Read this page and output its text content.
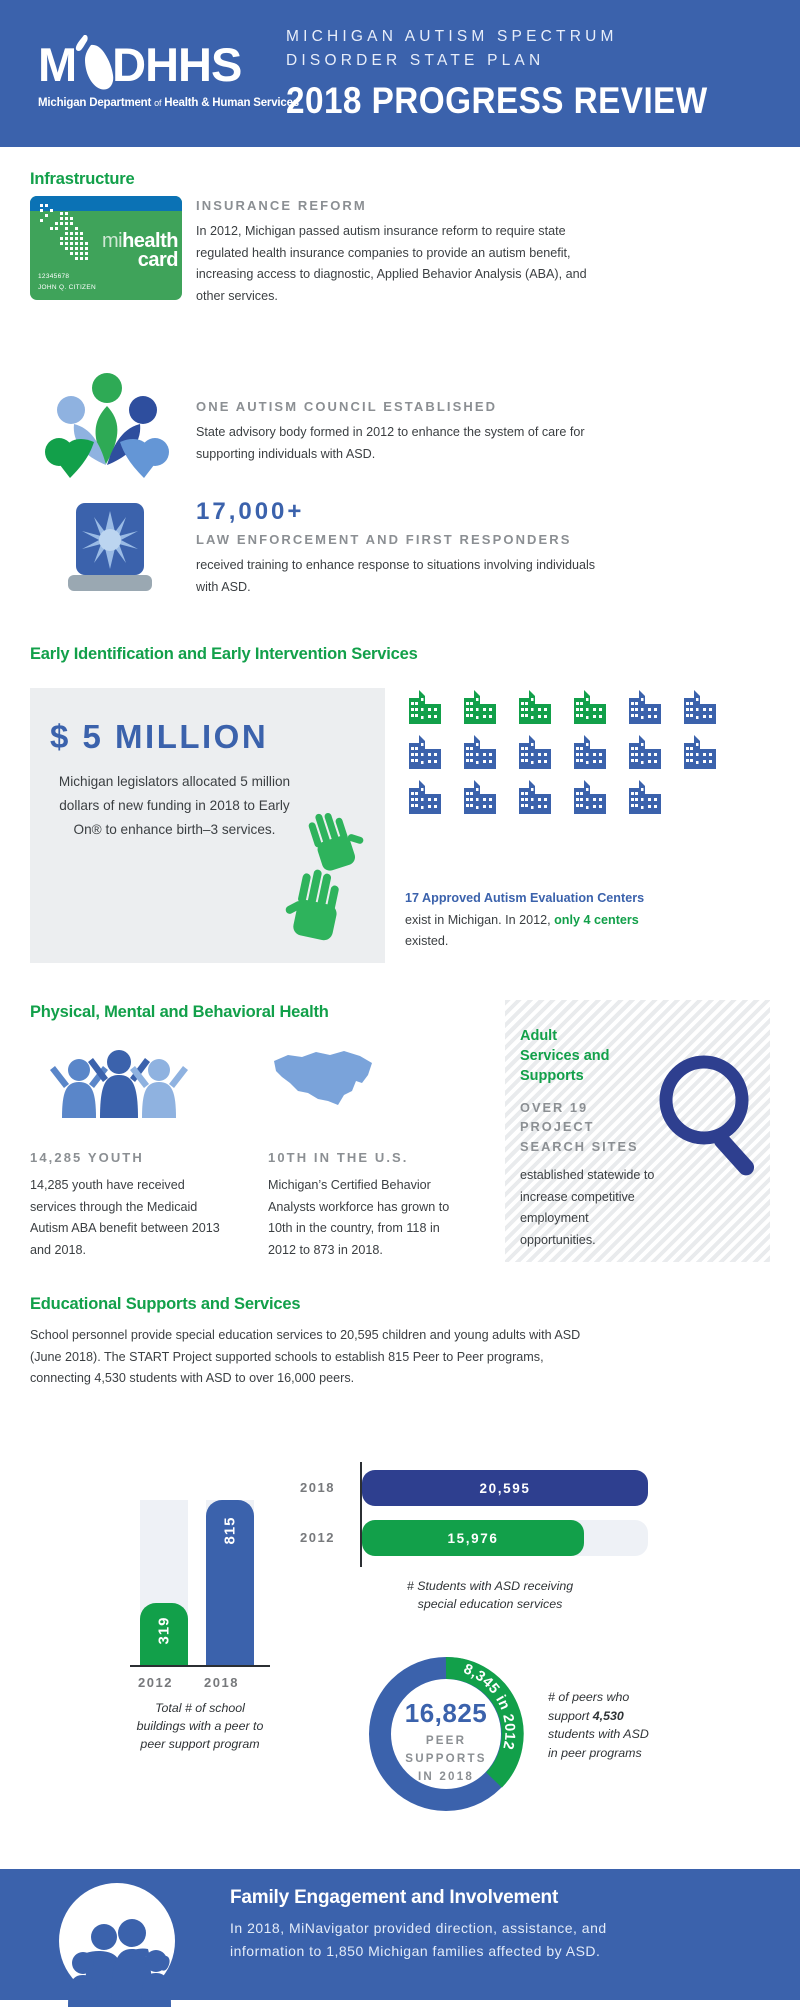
M DHHS
Michigan Department of Health & Human Services
MICHIGAN AUTISM SPECTRUM
DISORDER STATE PLAN
2018 PROGRESS REVIEW
Infrastructure
mihealth
card
12345678
JOHN Q. CITIZEN
INSURANCE REFORM
In 2012, Michigan passed autism insurance reform to require state regulated health insurance companies to provide an autism benefit, increasing access to diagnostic, Applied Behavior Analysis (ABA), and other services.
ONE AUTISM COUNCIL ESTABLISHED
State advisory body formed in 2012 to enhance the system of care for supporting individuals with ASD.
17,000+
LAW ENFORCEMENT AND FIRST RESPONDERS
received training to enhance response to situations involving individuals with ASD.
Early Identification and Early Intervention Services
$ 5 MILLION
Michigan legislators allocated 5 million dollars of new funding in 2018 to Early On® to enhance birth–3 services.
17 Approved Autism Evaluation Centers exist in Michigan. In 2012, only 4 centers existed.
Physical, Mental and Behavioral Health
14,285 YOUTH
14,285 youth have received services through the Medicaid Autism ABA benefit between 2013 and 2018.
10TH IN THE U.S.
Michigan’s Certified Behavior Analysts workforce has grown to 10th in the country, from 118 in 2012 to 873 in 2018.
Adult
Services and
Supports
OVER 19
PROJECT
SEARCH SITES
established statewide to increase competitive employment opportunities.
Educational Supports and Services
School personnel provide special education services to 20,595 children and young adults with ASD (June 2018). The START Project supported schools to establish 815 Peer to Peer programs, connecting 4,530 students with ASD to over 16,000 peers.
319
815
2012 2018
Total # of school
buildings with a peer to
peer support program
20,595
15,976
2018
2012
# Students with ASD receiving
special education services
8,345 in 2012
16,825
PEER
SUPPORTS
IN 2018
# of peers who
support 4,530
students with ASD
in peer programs
Family Engagement and Involvement
In 2018, MiNavigator provided direction, assistance, and information to 1,850 Michigan families affected by ASD.
